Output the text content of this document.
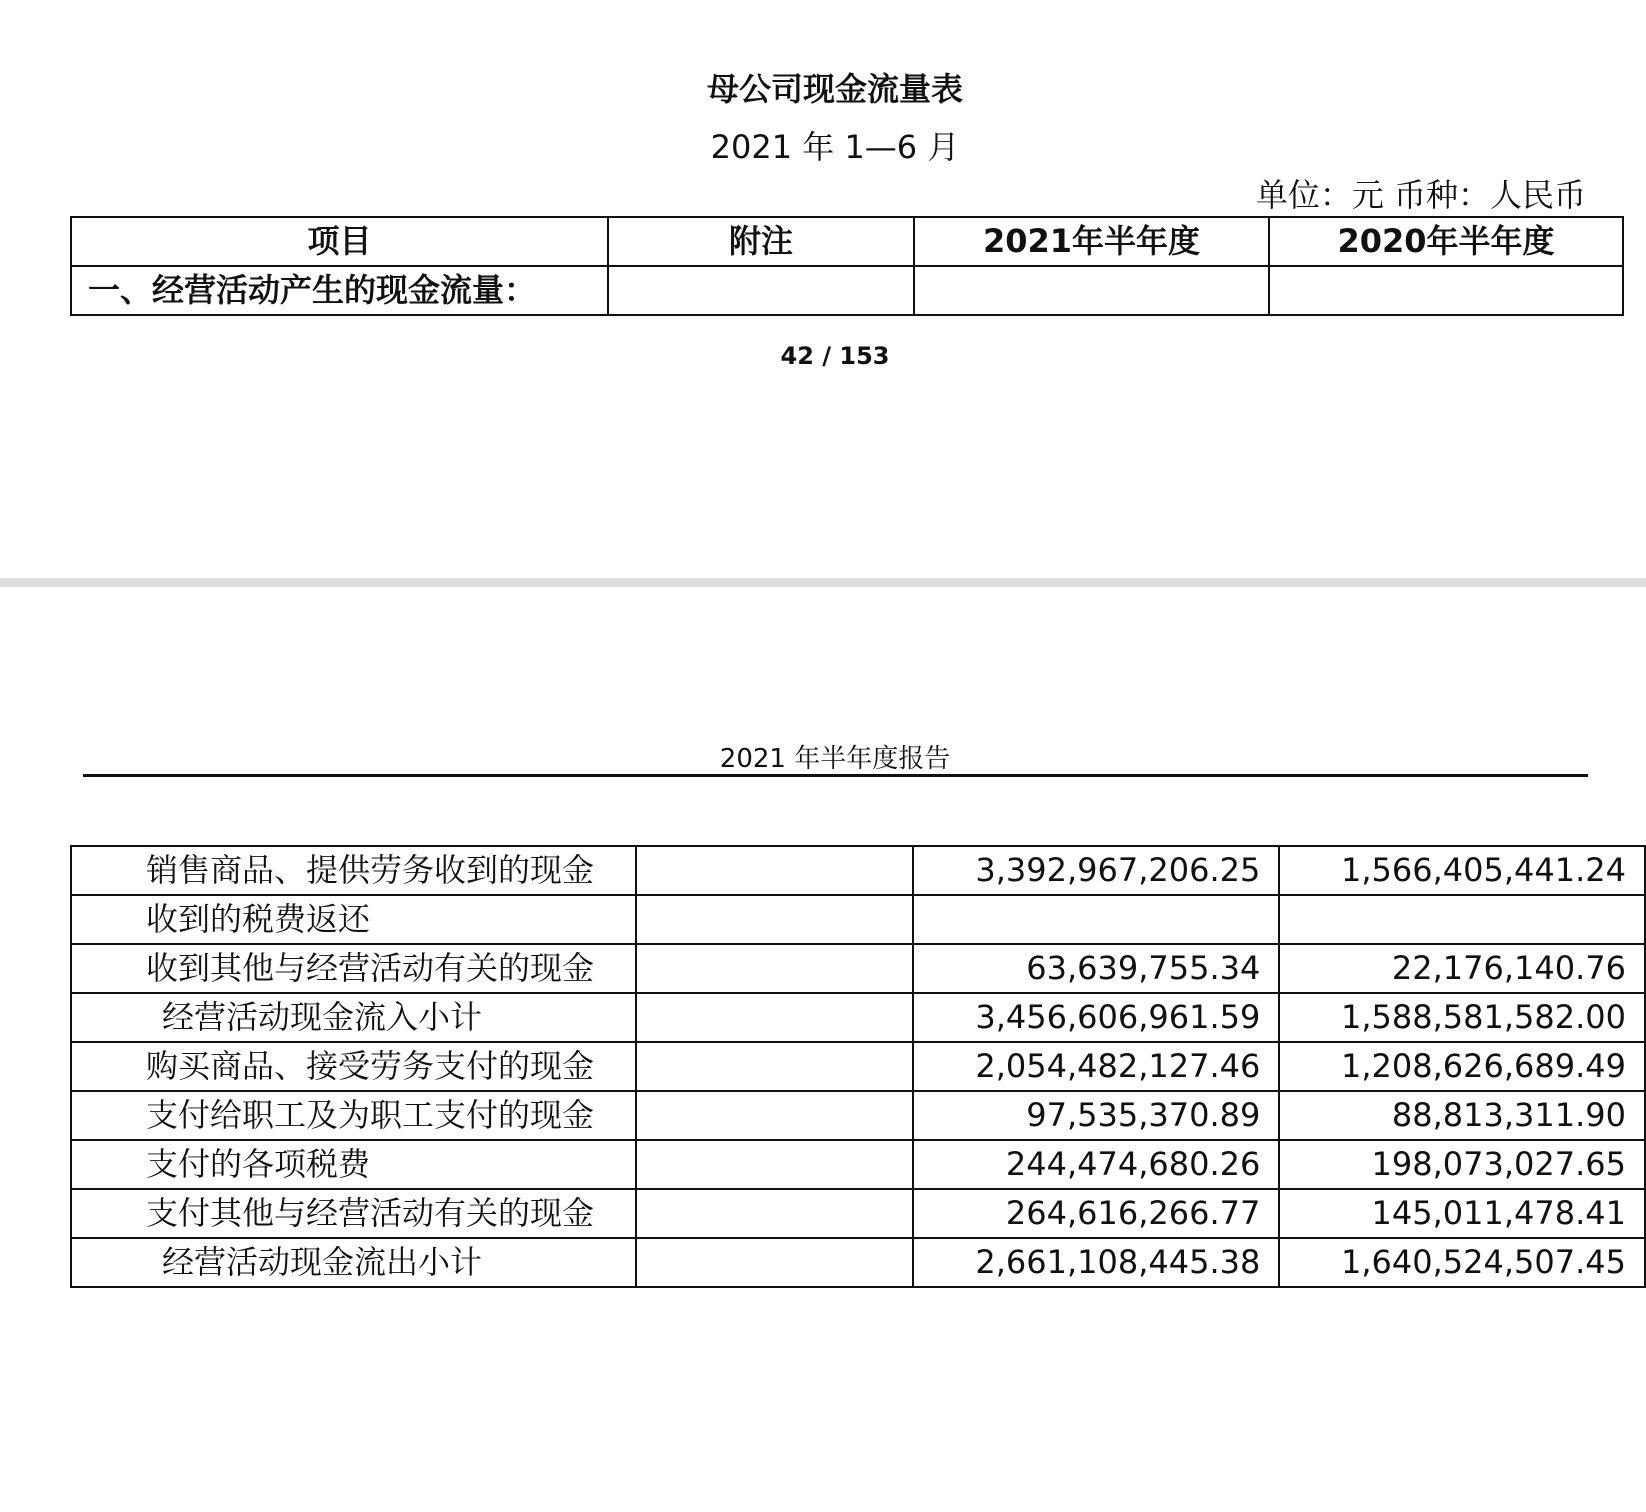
母公司现金流量表
2021 年 1—6 月
单位：元 币种：人民币
项目	附注	2021年半年度	2020年半年度
一、经营活动产生的现金流量：			
42 / 153
2021 年半年度报告
销售商品、提供劳务收到的现金		3,392,967,206.25	1,566,405,441.24
收到的税费返还			
收到其他与经营活动有关的现金		63,639,755.34	22,176,140.76
经营活动现金流入小计		3,456,606,961.59	1,588,581,582.00
购买商品、接受劳务支付的现金		2,054,482,127.46	1,208,626,689.49
支付给职工及为职工支付的现金		97,535,370.89	88,813,311.90
支付的各项税费		244,474,680.26	198,073,027.65
支付其他与经营活动有关的现金		264,616,266.77	145,011,478.41
经营活动现金流出小计		2,661,108,445.38	1,640,524,507.45
